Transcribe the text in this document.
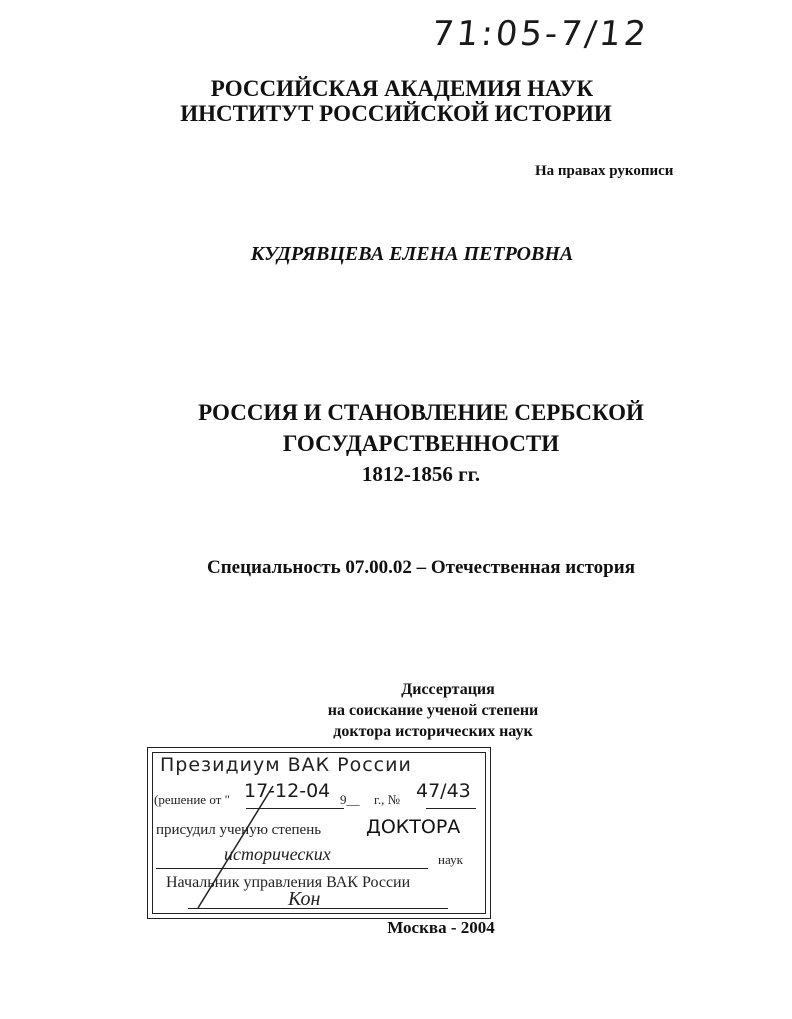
71:05-7/12
РОССИЙСКАЯ АКАДЕМИЯ НАУК
ИНСТИТУТ РОССИЙСКОЙ ИСТОРИИ
На правах рукописи
КУДРЯВЦЕВА ЕЛЕНА ПЕТРОВНА
РОССИЯ И СТАНОВЛЕНИЕ СЕРБСКОЙ
ГОСУДАРСТВЕННОСТИ
1812-1856 гг.
Специальность 07.00.02 – Отечественная история
Диссертация
на соискание ученой степени
доктора исторических наук
Президиум ВАК России
(решение от " 17-12-04 9__ г., № 47/43
присудил ученую степень ДОКТОРА
исторических	наук
Начальник управления ВАК России
Кон
Москва - 2004
